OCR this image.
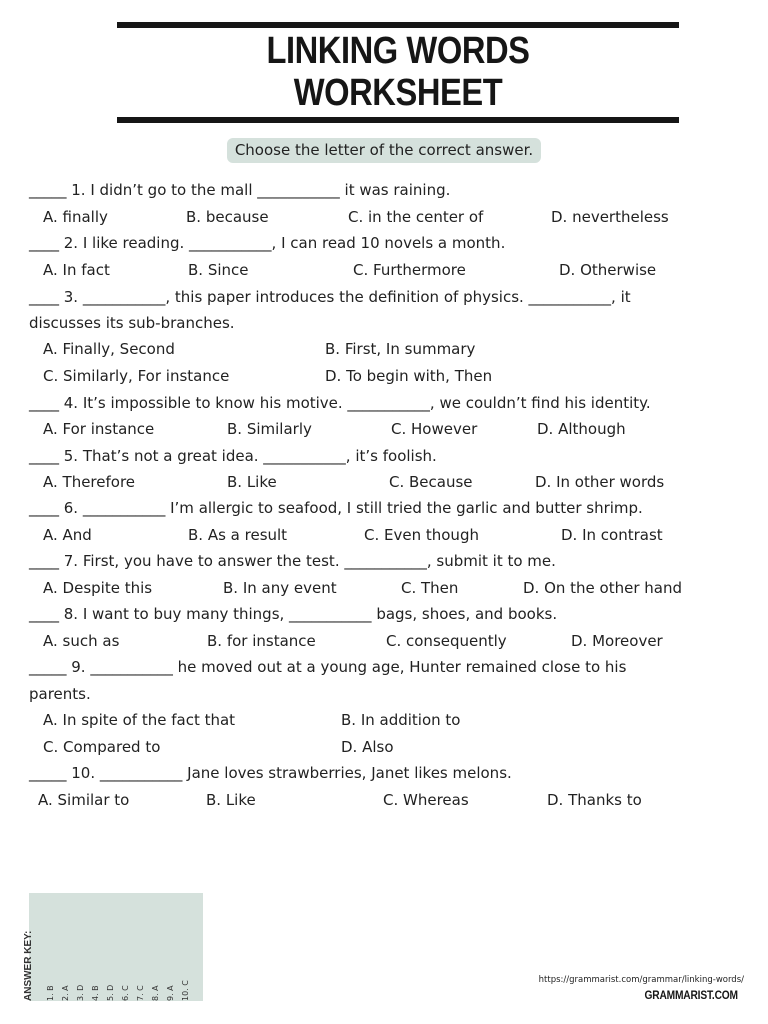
LINKING WORDS
WORKSHEET
Choose the letter of the correct answer.
_____ 1. I didn’t go to the mall ___________ it was raining.
A. finally	B. because	C. in the center of	D. nevertheless
____ 2. I like reading. ___________, I can read 10 novels a month.
A. In fact	B. Since	C. Furthermore	D. Otherwise
____ 3. ___________, this paper introduces the definition of physics. ___________, it
discusses its sub-branches.
A. Finally, Second	B. First, In summary
C. Similarly, For instance	D. To begin with, Then
____ 4. It’s impossible to know his motive. ___________, we couldn’t find his identity.
A. For instance	B. Similarly	C. However	D. Although
____ 5. That’s not a great idea. ___________, it’s foolish.
A. Therefore	B. Like	C. Because	D. In other words
____ 6. ___________ I’m allergic to seafood, I still tried the garlic and butter shrimp.
A. And	B. As a result	C. Even though	D. In contrast
____ 7. First, you have to answer the test. ___________, submit it to me.
A. Despite this	B. In any event	C. Then	D. On the other hand
____ 8. I want to buy many things, ___________ bags, shoes, and books.
A. such as	B. for instance	C. consequently	D. Moreover
_____ 9. ___________ he moved out at a young age, Hunter remained close to his
parents.
A. In spite of the fact that	B. In addition to
C. Compared to	D. Also
_____ 10. ___________ Jane loves strawberries, Janet likes melons.
A. Similar to	B. Like	C. Whereas	D. Thanks to
ANSWER KEY:	1. B 2. A 3. D 4. B 5. D 6. C 7. C 8. A 9. A 10. C
https://grammarist.com/grammar/linking-words/
GRAMMARIST.COM
